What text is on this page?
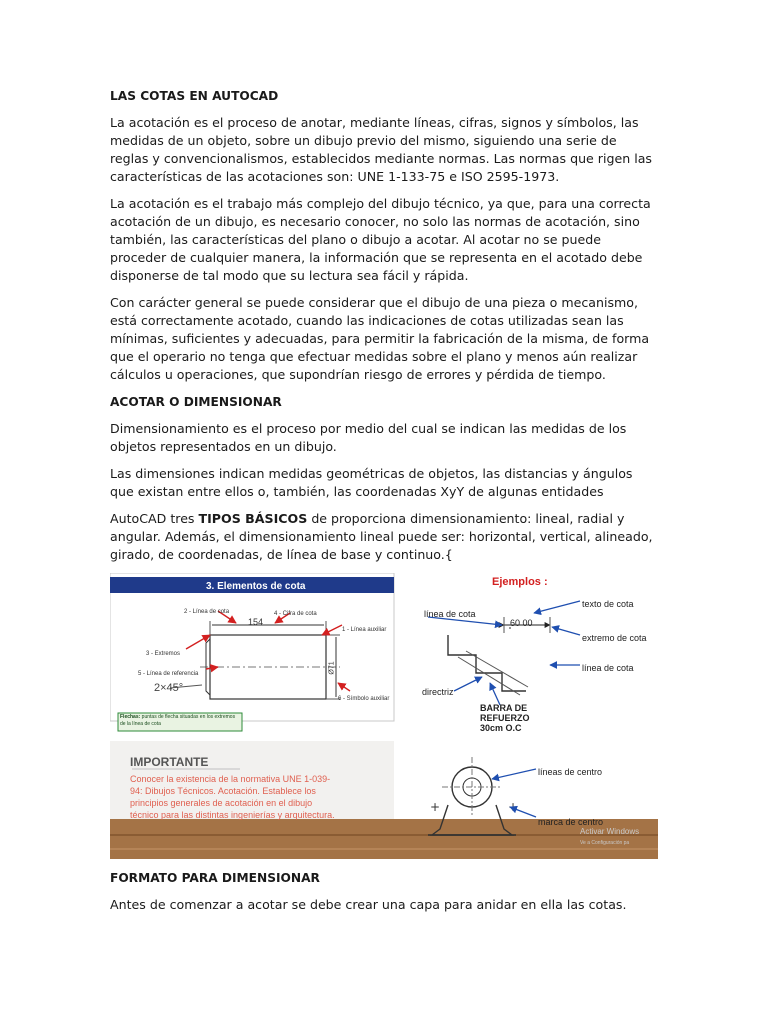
LAS COTAS EN AUTOCAD

La acotación es el proceso de anotar, mediante líneas, cifras, signos y símbolos, las medidas de un objeto, sobre un dibujo previo del mismo, siguiendo una serie de reglas y convencionalismos, establecidos mediante normas. Las normas que rigen las características de las acotaciones son: UNE 1-133-75 e ISO 2595-1973.

La acotación es el trabajo más complejo del dibujo técnico, ya que, para una correcta acotación de un dibujo, es necesario conocer, no solo las normas de acotación, sino también, las características del plano o dibujo a acotar. Al acotar no se puede proceder de cualquier manera, la información que se representa en el acotado debe disponerse de tal modo que su lectura sea fácil y rápida.

Con carácter general se puede considerar que el dibujo de una pieza o mecanismo, está correctamente acotado, cuando las indicaciones de cotas utilizadas sean las mínimas, suficientes y adecuadas, para permitir la fabricación de la misma, de forma que el operario no tenga que efectuar medidas sobre el plano y menos aún realizar cálculos u operaciones, que supondrían riesgo de errores y pérdida de tiempo.

ACOTAR O DIMENSIONAR

Dimensionamiento es el proceso por medio del cual se indican las medidas de los objetos representados en un dibujo.

Las dimensiones indican medidas geométricas de objetos, las distancias y ángulos que existan entre ellos o, también, las coordenadas XyY de algunas entidades

AutoCAD tres TIPOS BÁSICOS de proporciona dimensionamiento: lineal, radial y angular. Además, el dimensionamiento lineal puede ser: horizontal, vertical, alineado, girado, de coordenadas, de línea de base y continuo.{

+	+
3. Elementos de cota
2 - Línea de cota	4 - Cifra de cota
1 - Línea auxiliar
3 - Extremos
5 - Línea de referencia
6 - Símbolo auxiliar
154
2×45°
Ø71
Flechas: puntas de flecha situadas en los extremos de la línea de cota
IMPORTANTE
Conocer la existencia de la normativa UNE 1-039-94: Dibujos Técnicos. Acotación. Establece los principios generales de acotación en el dibujo técnico para las distintas ingenierías y arquitectura.
Ejemplos :
línea de cota
60 00
texto de cota
extremo de cota
línea de cota
directriz
BARRA DE
REFUERZO
30cm O.C
líneas de centro
marca de centro
Activar Windows
Ve a Configuración pa
FORMATO PARA DIMENSIONAR

Antes de comenzar a acotar se debe crear una capa para anidar en ella las cotas.
